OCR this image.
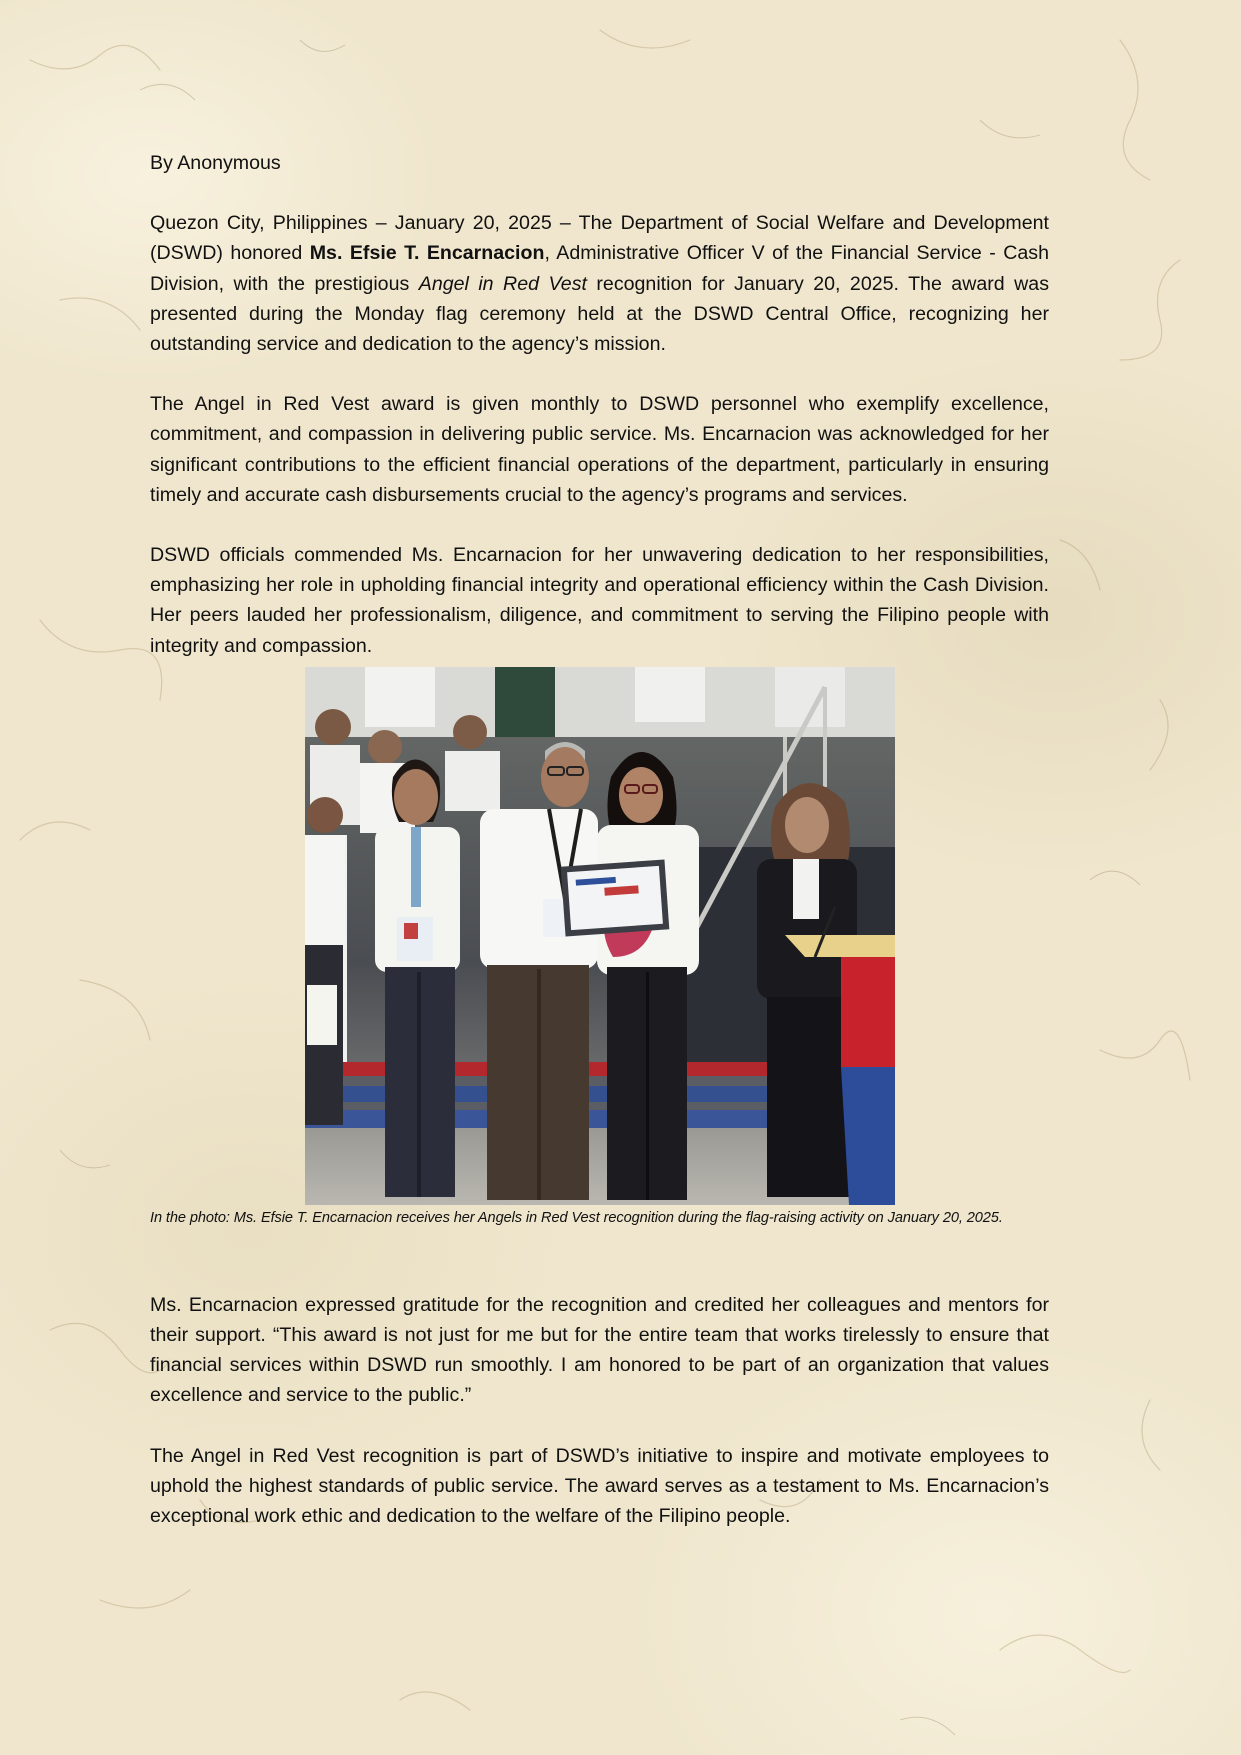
By Anonymous

Quezon City, Philippines – January 20, 2025 – The Department of Social Welfare and Development (DSWD) honored Ms. Efsie T. Encarnacion, Administrative Officer V of the Financial Service - Cash Division, with the prestigious Angel in Red Vest recognition for January 20, 2025. The award was presented during the Monday flag ceremony held at the DSWD Central Office, recognizing her outstanding service and dedication to the agency’s mission.

The Angel in Red Vest award is given monthly to DSWD personnel who exemplify excellence, commitment, and compassion in delivering public service. Ms. Encarnacion was acknowledged for her significant contributions to the efficient financial operations of the department, particularly in ensuring timely and accurate cash disbursements crucial to the agency’s programs and services.

DSWD officials commended Ms. Encarnacion for her unwavering dedication to her responsibilities, emphasizing her role in upholding financial integrity and operational efficiency within the Cash Division. Her peers lauded her professionalism, diligence, and commitment to serving the Filipino people with integrity and compassion.

In the photo: Ms. Efsie T. Encarnacion receives her Angels in Red Vest recognition during the flag-raising activity on January 20, 2025.

Ms. Encarnacion expressed gratitude for the recognition and credited her colleagues and mentors for their support. “This award is not just for me but for the entire team that works tirelessly to ensure that financial services within DSWD run smoothly. I am honored to be part of an organization that values excellence and service to the public.”

The Angel in Red Vest recognition is part of DSWD’s initiative to inspire and motivate employees to uphold the highest standards of public service. The award serves as a testament to Ms. Encarnacion’s exceptional work ethic and dedication to the welfare of the Filipino people.
